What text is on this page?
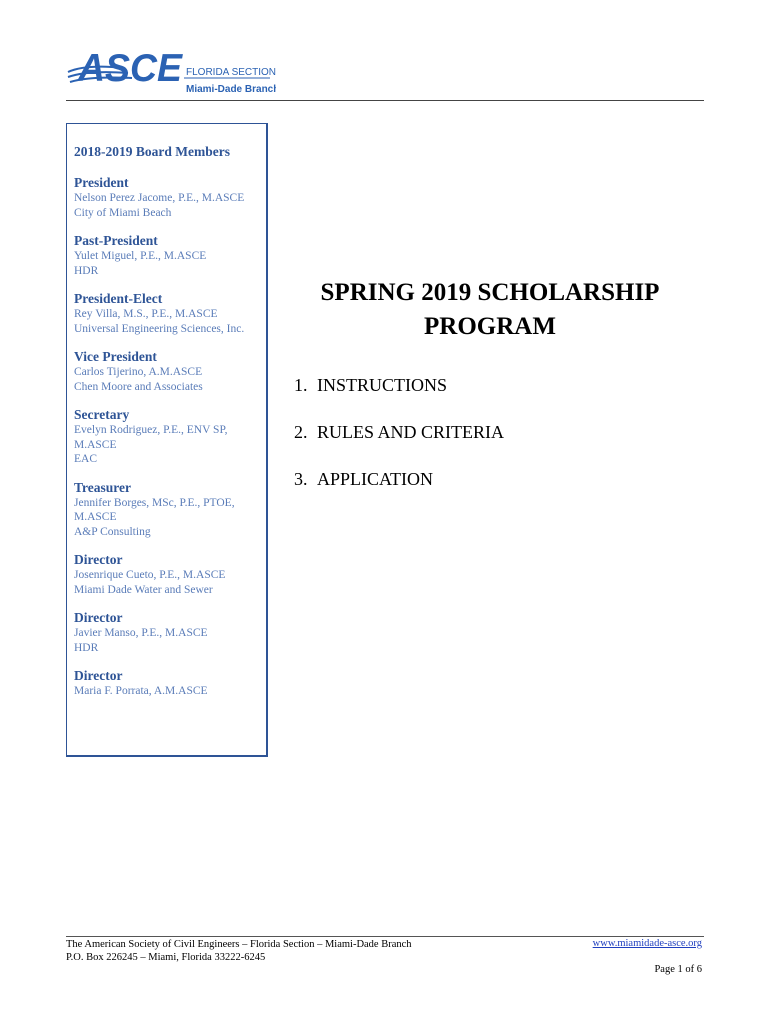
ASCE FLORIDA SECTION
Miami-Dade Branch
2018-2019 Board Members
President
Nelson Perez Jacome, P.E., M.ASCE
City of Miami Beach
Past-President
Yulet Miguel, P.E., M.ASCE
HDR
President-Elect
Rey Villa, M.S., P.E., M.ASCE
Universal Engineering Sciences, Inc.
Vice President
Carlos Tijerino, A.M.ASCE
Chen Moore and Associates
Secretary
Evelyn Rodriguez, P.E., ENV SP,
M.ASCE
EAC
Treasurer
Jennifer Borges, MSc, P.E., PTOE,
M.ASCE
A&P Consulting
Director
Josenrique Cueto, P.E., M.ASCE
Miami Dade Water and Sewer
Director
Javier Manso, P.E., M.ASCE
HDR
Director
Maria F. Porrata, A.M.ASCE
SPRING 2019 SCHOLARSHIP
PROGRAM
1. INSTRUCTIONS
2. RULES AND CRITERIA
3. APPLICATION
The American Society of Civil Engineers – Florida Section – Miami-Dade Branch
P.O. Box 226245 – Miami, Florida 33222-6245
www.miamidade-asce.org
Page 1 of 6
